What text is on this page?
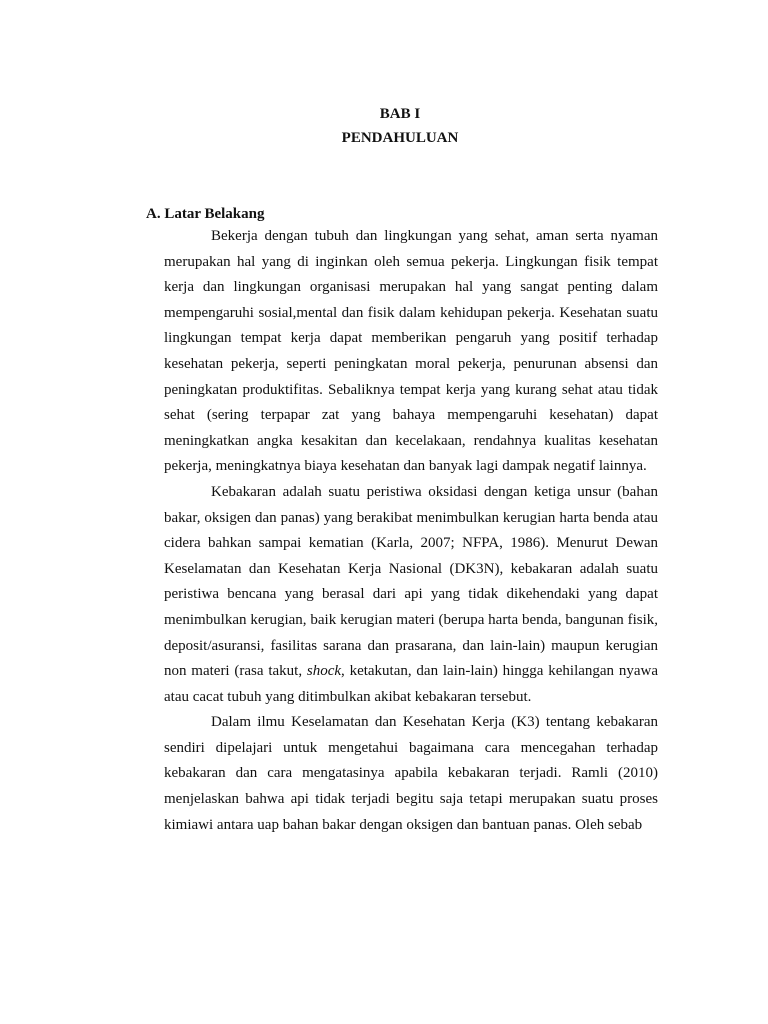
BAB I
PENDAHULUAN
A. Latar Belakang

Bekerja dengan tubuh dan lingkungan yang sehat, aman serta nyaman merupakan hal yang di inginkan oleh semua pekerja. Lingkungan fisik tempat kerja dan lingkungan organisasi merupakan hal yang sangat penting dalam mempengaruhi sosial,mental dan fisik dalam kehidupan pekerja. Kesehatan suatu lingkungan tempat kerja dapat memberikan pengaruh yang positif terhadap kesehatan pekerja, seperti peningkatan moral pekerja, penurunan absensi dan peningkatan produktifitas. Sebaliknya tempat kerja yang kurang sehat atau tidak sehat (sering terpapar zat yang bahaya mempengaruhi kesehatan) dapat meningkatkan angka kesakitan dan kecelakaan, rendahnya kualitas kesehatan pekerja, meningkatnya biaya kesehatan dan banyak lagi dampak negatif lainnya.

Kebakaran adalah suatu peristiwa oksidasi dengan ketiga unsur (bahan bakar, oksigen dan panas) yang berakibat menimbulkan kerugian harta benda atau cidera bahkan sampai kematian (Karla, 2007; NFPA, 1986). Menurut Dewan Keselamatan dan Kesehatan Kerja Nasional (DK3N), kebakaran adalah suatu peristiwa bencana yang berasal dari api yang tidak dikehendaki yang dapat menimbulkan kerugian, baik kerugian materi (berupa harta benda, bangunan fisik, deposit/asuransi, fasilitas sarana dan prasarana, dan lain-lain) maupun kerugian non materi (rasa takut, shock, ketakutan, dan lain-lain) hingga kehilangan nyawa atau cacat tubuh yang ditimbulkan akibat kebakaran tersebut.

Dalam ilmu Keselamatan dan Kesehatan Kerja (K3) tentang kebakaran sendiri dipelajari untuk mengetahui bagaimana cara mencegahan terhadap kebakaran dan cara mengatasinya apabila kebakaran terjadi. Ramli (2010) menjelaskan bahwa api tidak terjadi begitu saja tetapi merupakan suatu proses kimiawi antara uap bahan bakar dengan oksigen dan bantuan panas. Oleh sebab
